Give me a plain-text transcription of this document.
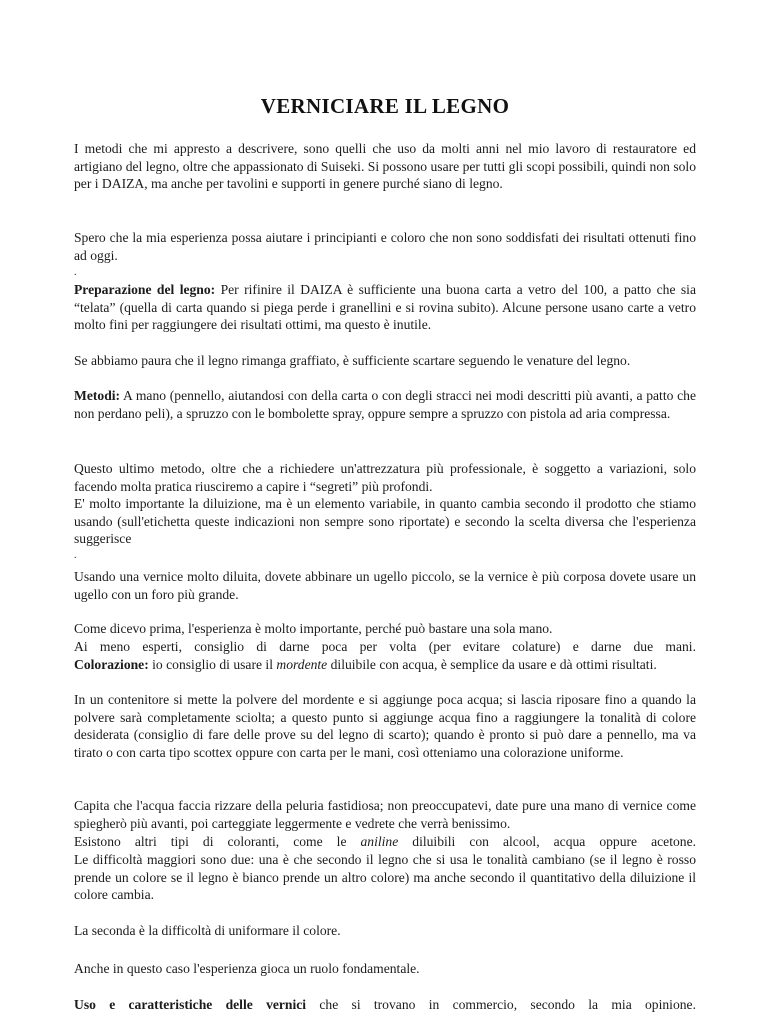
VERNICIARE IL LEGNO

I metodi che mi appresto a descrivere, sono quelli che uso da molti anni nel mio lavoro di restauratore ed artigiano del legno, oltre che appassionato di Suiseki. Si possono usare per tutti gli scopi possibili, quindi non solo per i DAIZA, ma anche per tavolini e supporti in genere purché siano di legno.

Spero che la mia esperienza possa aiutare i principianti e coloro che non sono soddisfati dei risultati ottenuti fino ad oggi.

.

Preparazione del legno: Per rifinire il DAIZA è sufficiente una buona carta a vetro del 100, a patto che sia “telata” (quella di carta quando si piega perde i granellini e si rovina subito). Alcune persone usano carte a vetro molto fini per raggiungere dei risultati ottimi, ma questo è inutile.

Se abbiamo paura che il legno rimanga graffiato, è sufficiente scartare seguendo le venature del legno.

Metodi: A mano (pennello, aiutandosi con della carta o con degli stracci nei modi descritti più avanti, a patto che non perdano peli), a spruzzo con le bombolette spray, oppure sempre a spruzzo con pistola ad aria compressa.

Questo ultimo metodo, oltre che a richiedere un'attrezzatura più professionale, è soggetto a variazioni, solo facendo molta pratica riusciremo a capire i “segreti” più profondi.

E' molto importante la diluizione, ma è un elemento variabile, in quanto cambia secondo il prodotto che stiamo usando (sull'etichetta queste indicazioni non sempre sono riportate) e secondo la scelta diversa che l'esperienza suggerisce

.

Usando una vernice molto diluita, dovete abbinare un ugello piccolo, se la vernice è più corposa dovete usare un ugello con un foro più grande.

Come dicevo prima, l'esperienza è molto importante, perché può bastare una sola mano.

Ai meno esperti, consiglio di darne poca per volta (per evitare colature) e darne due mani.

Colorazione: io consiglio di usare il mordente diluibile con acqua, è semplice da usare e dà ottimi risultati.

In un contenitore si mette la polvere del mordente e si aggiunge poca acqua; si lascia riposare fino a quando la polvere sarà completamente sciolta; a questo punto si aggiunge acqua fino a raggiungere la tonalità di colore desiderata (consiglio di fare delle prove su del legno di scarto); quando è pronto si può dare a pennello, ma va tirato o con carta tipo scottex oppure con carta per le mani, così otteniamo una colorazione uniforme.

Capita che l'acqua faccia rizzare della peluria fastidiosa; non preoccupatevi, date pure una mano di vernice come spiegherò più avanti, poi carteggiate leggermente e vedrete che verrà benissimo.

Esistono altri tipi di coloranti, come le aniline diluibili con alcool, acqua oppure acetone.

Le difficoltà maggiori sono due: una è che secondo il legno che si usa le tonalità cambiano (se il legno è rosso prende un colore se il legno è bianco prende un altro colore) ma anche secondo il quantitativo della diluizione il colore cambia.

La seconda è la difficoltà di uniformare il colore.

Anche in questo caso l'esperienza gioca un ruolo fondamentale.

Uso e caratteristiche delle vernici che si trovano in commercio, secondo la mia opinione.
